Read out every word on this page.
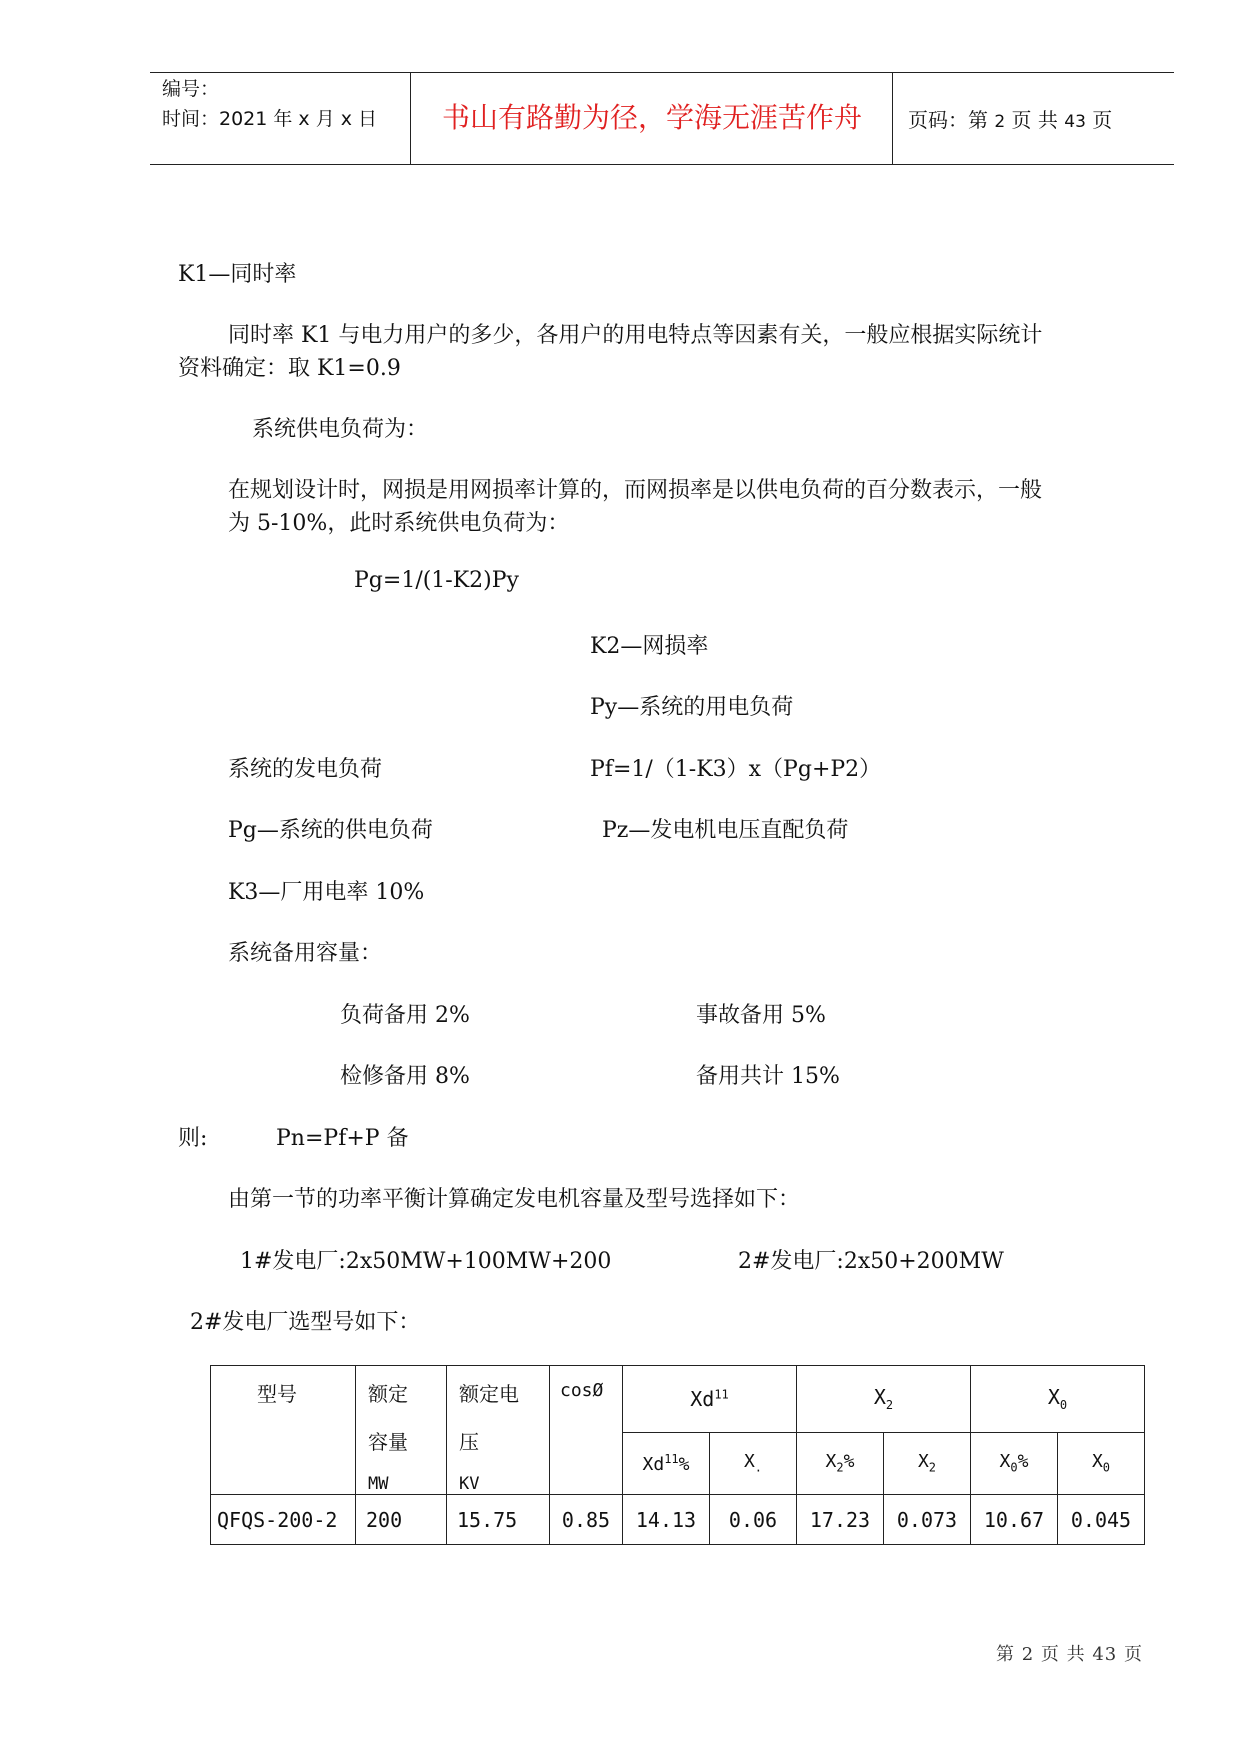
编号：
时间：2021 年 x 月 x 日	书山有路勤为径，学海无涯苦作舟	页码：第 2 页 共 43 页
K1—同时率
同时率 K1 与电力用户的多少，各用户的用电特点等因素有关，一般应根据实际统计
资料确定：取 K1=0.9
系统供电负荷为：
在规划设计时，网损是用网损率计算的，而网损率是以供电负荷的百分数表示，一般
为 5-10%，此时系统供电负荷为：
Pg=1/(1-K2)Py
K2—网损率
Py—系统的用电负荷
系统的发电负荷	Pf=1/（1-K3）x（Pg+P2）
Pg—系统的供电负荷	Pz—发电机电压直配负荷
K3—厂用电率 10%
系统备用容量：
负荷备用 2%	事故备用 5%
检修备用 8%	备用共计 15%
则:	Pn=Pf+P 备
由第一节的功率平衡计算确定发电机容量及型号选择如下：
1#发电厂:2x50MW+100MW+200	2#发电厂:2x50+200MW
2#发电厂选型号如下：
型号	额定
容量
MW	额定电
压
KV	cosØ	Xd$^{11}$		$X_2$		$X_0$
				Xd$^{11}$%	$X_.$	$X_2\%$	$X_2$	$X_0\%$	$X_0$
QFQS-200-2	200	15.75	0.85	14.13	0.06	17.23	0.073	10.67	0.045
第 2 页 共 43 页
